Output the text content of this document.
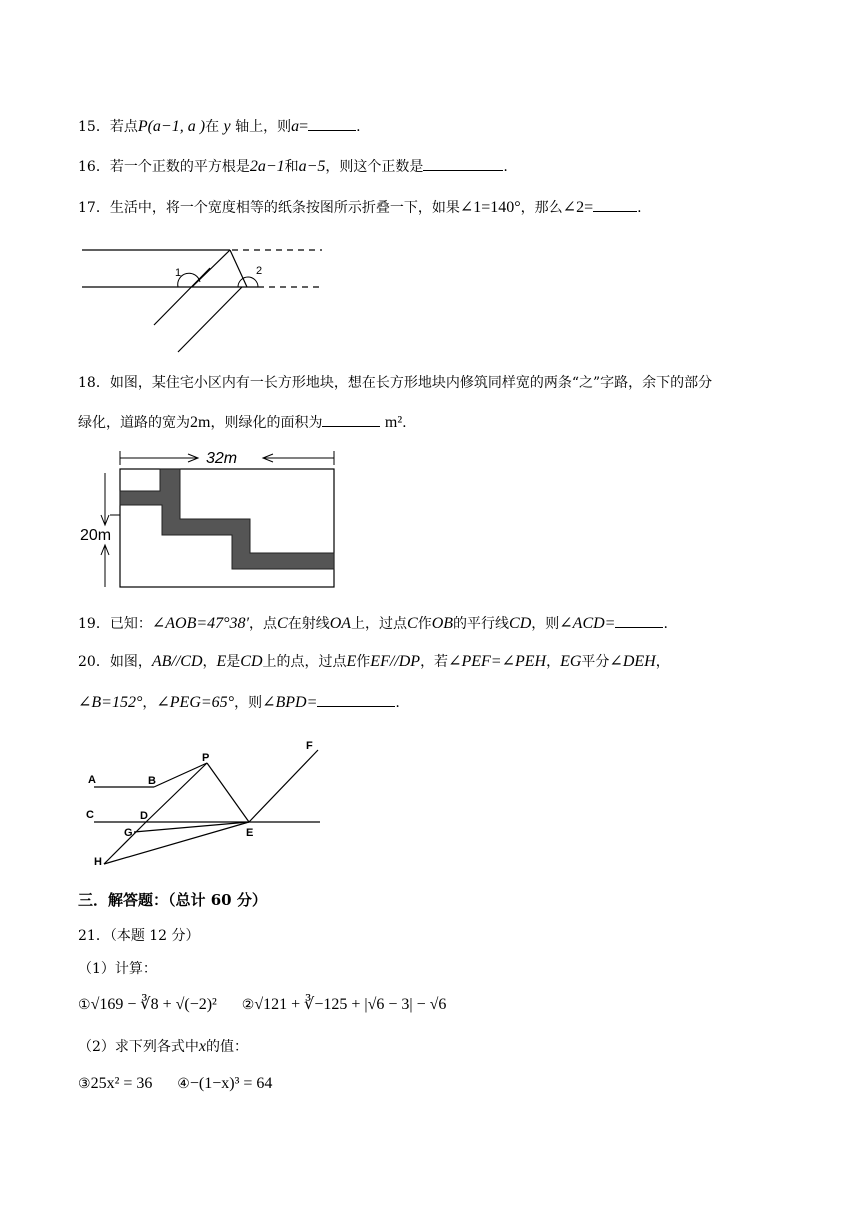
15．若点P(a−1, a )在 y 轴上，则a=	.
16．若一个正数的平方根是2a−1和a−5，则这个正数是	.
17．生活中，将一个宽度相等的纸条按图所示折叠一下，如果∠1=140°，那么∠2=	.
1	2
18．如图，某住宅小区内有一长方形地块，想在长方形地块内修筑同样宽的两条“之”字路，余下的部分
绿化，道路的宽为2m，则绿化的面积为	m².
32m
20m
19．已知：∠AOB=47°38′，点C在射线OA上，过点C作OB的平行线CD，则∠ACD=	.
20．如图，AB//CD，E是CD上的点，过点E作EF//DP，若∠PEF=∠PEH，EG平分∠DEH，
∠B=152°，∠PEG=65°，则∠BPD=	.
A	B
P
F
C	D
G	E
H
三．解答题：（总计 60 分）
21．（本题 12 分）
（1）计算：
①√169 − ∛8 + √(−2)² ②√121 + ∛−125 + |√6 − 3| − √6
（2）求下列各式中x的值：
③25x² = 36 ④−(1−x)³ = 64
